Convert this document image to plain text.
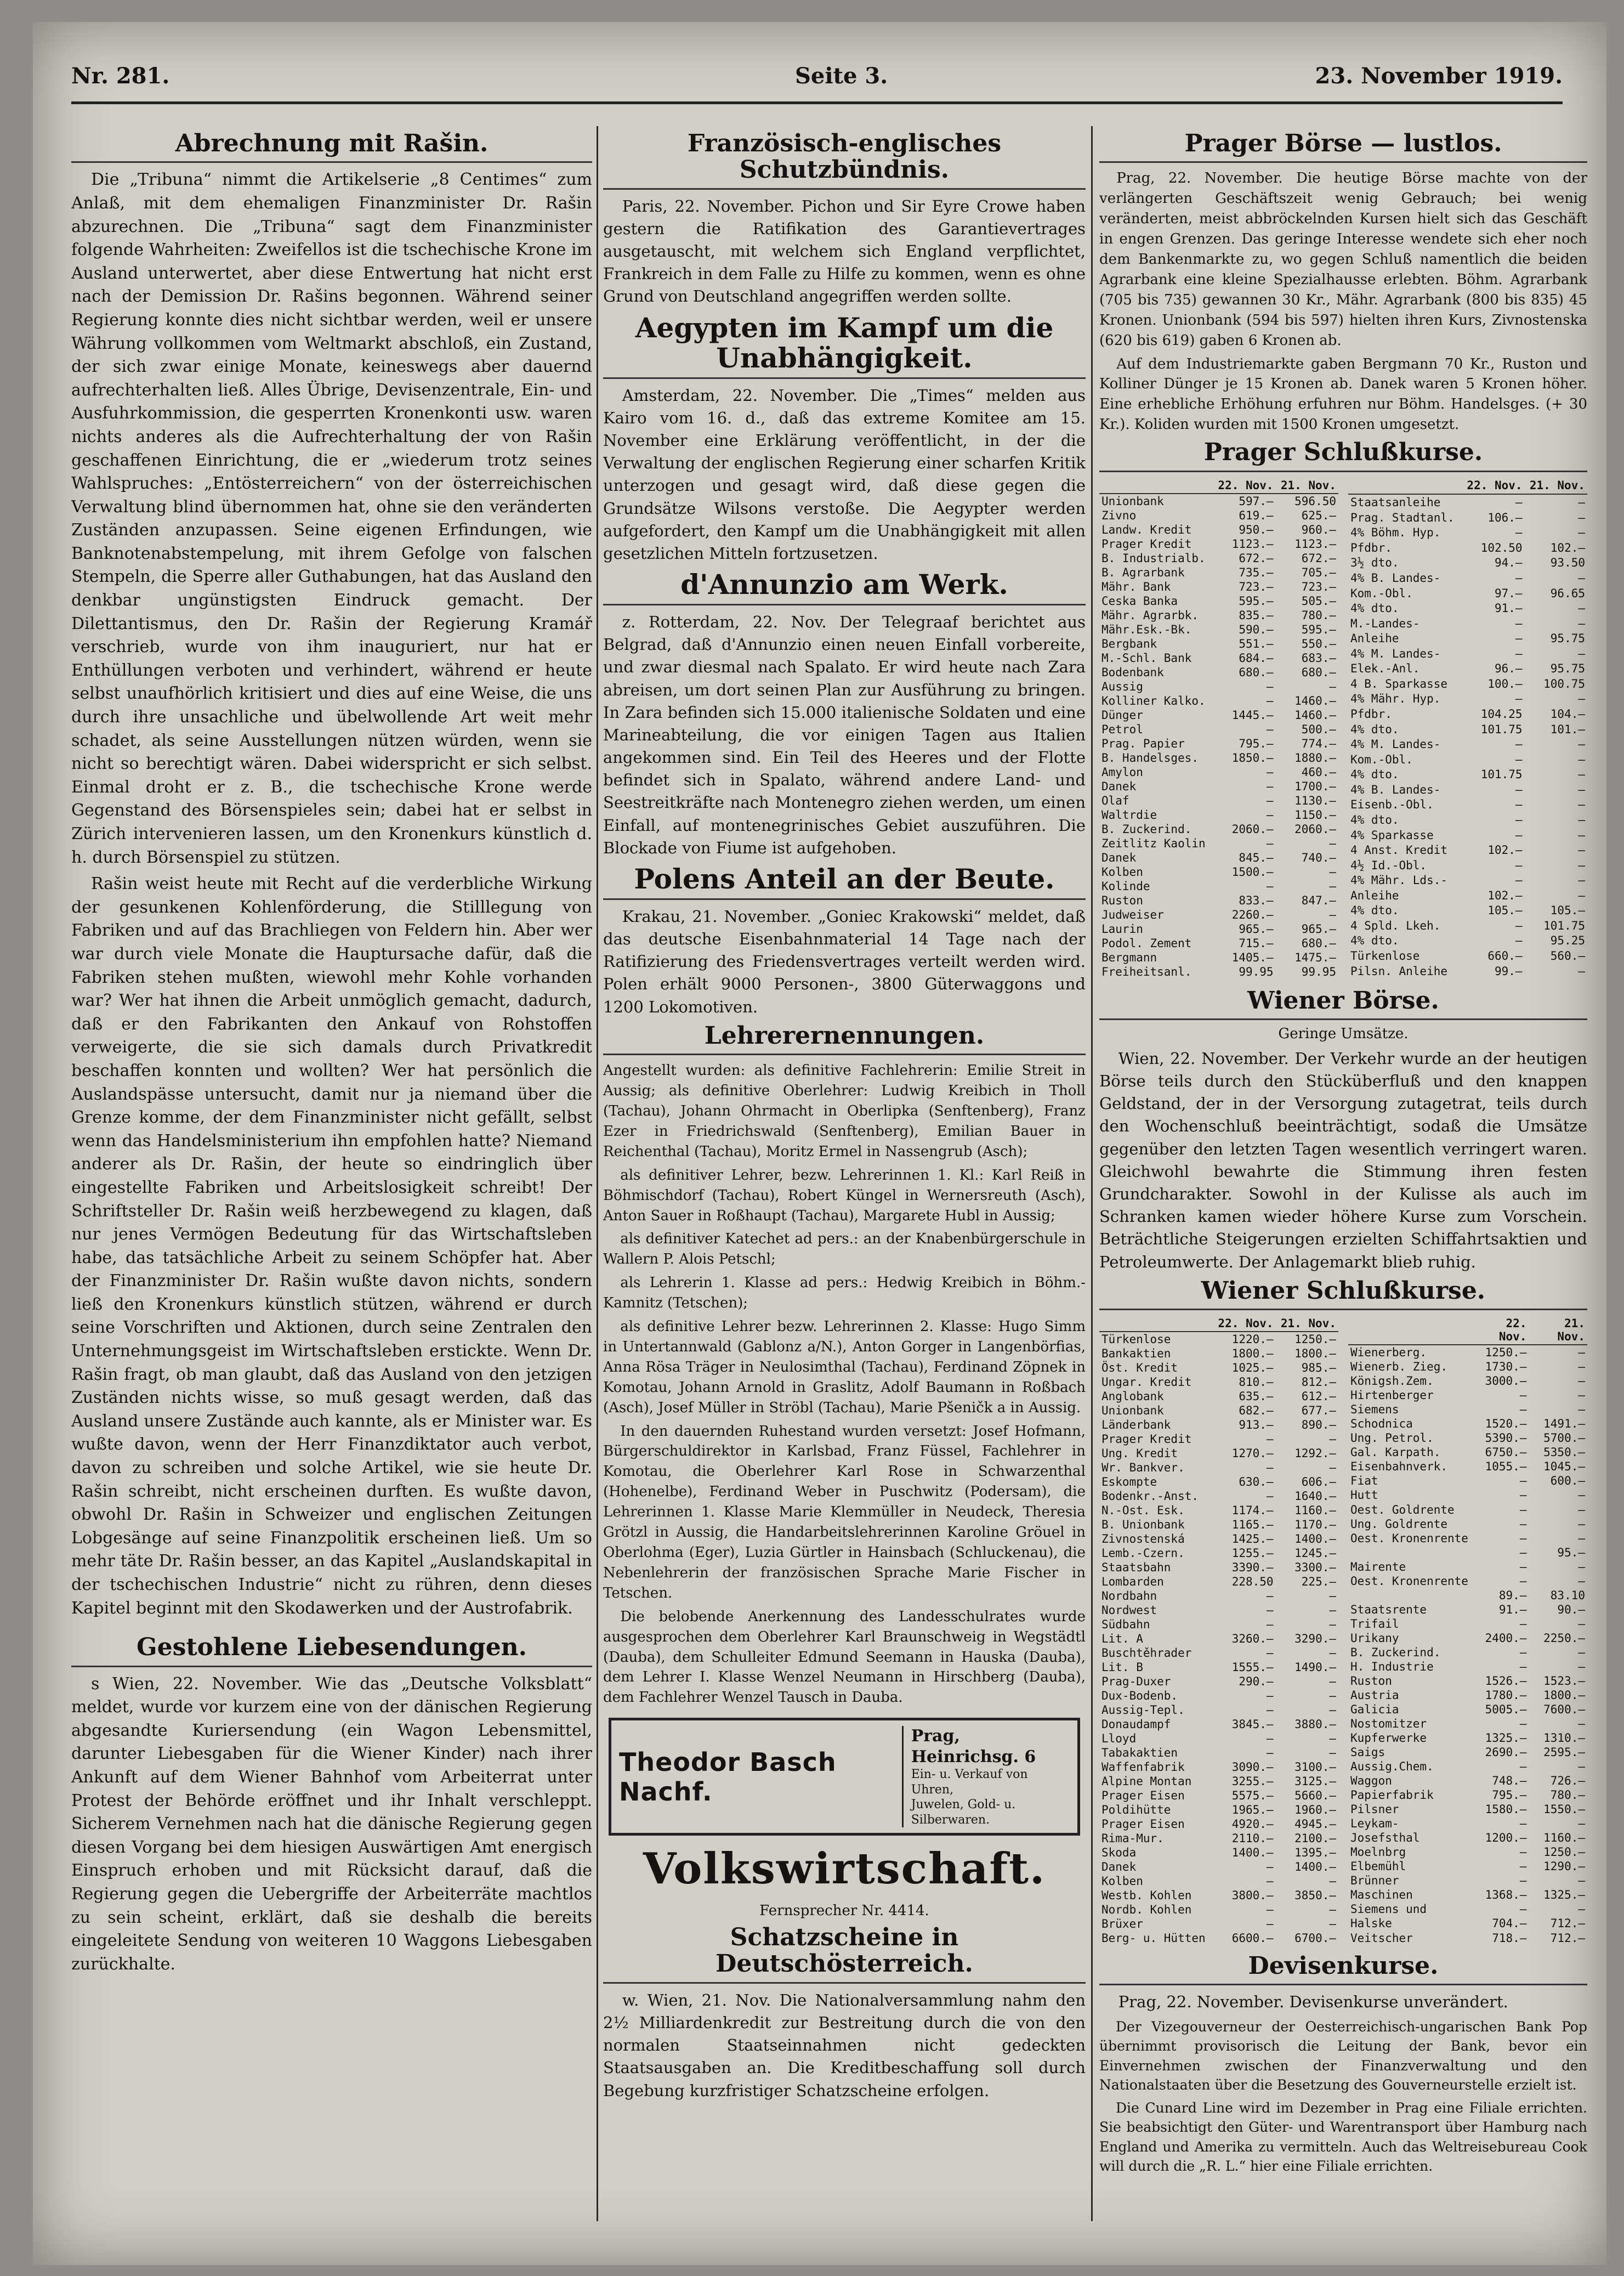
Nr. 281.	Seite 3.	23. November 1919.
Abrechnung mit Rašin.

Die „Tribuna“ nimmt die Artikelserie „8 Centimes“ zum Anlaß, mit dem ehemaligen Finanzminister Dr. Rašin abzurechnen. Die „Tribuna“ sagt dem Finanzminister folgende Wahrheiten: Zweifellos ist die tschechische Krone im Ausland unterwertet, aber diese Entwertung hat nicht erst nach der Demission Dr. Rašins begonnen. Während seiner Regierung konnte dies nicht sichtbar werden, weil er unsere Währung vollkommen vom Weltmarkt abschloß, ein Zustand, der sich zwar einige Monate, keineswegs aber dauernd aufrechterhalten ließ. Alles Übrige, Devisenzentrale, Ein- und Ausfuhrkommission, die gesperrten Kronenkonti usw. waren nichts anderes als die Aufrechterhaltung der von Rašin geschaffenen Einrichtung, die er „wiederum trotz seines Wahlspruches: „Entösterreichern“ von der österreichischen Verwaltung blind übernommen hat, ohne sie den veränderten Zuständen anzupassen. Seine eigenen Erfindungen, wie Banknotenabstempelung, mit ihrem Gefolge von falschen Stempeln, die Sperre aller Guthabungen, hat das Ausland den denkbar ungünstigsten Eindruck gemacht. Der Dilettantismus, den Dr. Rašin der Regierung Kramář verschrieb, wurde von ihm inauguriert, nur hat er Enthüllungen verboten und verhindert, während er heute selbst unaufhörlich kritisiert und dies auf eine Weise, die uns durch ihre unsachliche und übelwollende Art weit mehr schadet, als seine Ausstellungen nützen würden, wenn sie nicht so berechtigt wären. Dabei widerspricht er sich selbst. Einmal droht er z. B., die tschechische Krone werde Gegenstand des Börsenspieles sein; dabei hat er selbst in Zürich intervenieren lassen, um den Kronenkurs künstlich d. h. durch Börsenspiel zu stützen.

Rašin weist heute mit Recht auf die verderbliche Wirkung der gesunkenen Kohlenförderung, die Stilllegung von Fabriken und auf das Brachliegen von Feldern hin. Aber wer war durch viele Monate die Hauptursache dafür, daß die Fabriken stehen mußten, wiewohl mehr Kohle vorhanden war? Wer hat ihnen die Arbeit unmöglich gemacht, dadurch, daß er den Fabrikanten den Ankauf von Rohstoffen verweigerte, die sie sich damals durch Privatkredit beschaffen konnten und wollten? Wer hat persönlich die Auslandspässe untersucht, damit nur ja niemand über die Grenze komme, der dem Finanzminister nicht gefällt, selbst wenn das Handelsministerium ihn empfohlen hatte? Niemand anderer als Dr. Rašin, der heute so eindringlich über eingestellte Fabriken und Arbeitslosigkeit schreibt! Der Schriftsteller Dr. Rašin weiß herzbewegend zu klagen, daß nur jenes Vermögen Bedeutung für das Wirtschaftsleben habe, das tatsächliche Arbeit zu seinem Schöpfer hat. Aber der Finanzminister Dr. Rašin wußte davon nichts, sondern ließ den Kronenkurs künstlich stützen, während er durch seine Vorschriften und Aktionen, durch seine Zentralen den Unternehmungsgeist im Wirtschaftsleben erstickte. Wenn Dr. Rašin fragt, ob man glaubt, daß das Ausland von den jetzigen Zuständen nichts wisse, so muß gesagt werden, daß das Ausland unsere Zustände auch kannte, als er Minister war. Es wußte davon, wenn der Herr Finanzdiktator auch verbot, davon zu schreiben und solche Artikel, wie sie heute Dr. Rašin schreibt, nicht erscheinen durften. Es wußte davon, obwohl Dr. Rašin in Schweizer und englischen Zeitungen Lobgesänge auf seine Finanzpolitik erscheinen ließ. Um so mehr täte Dr. Rašin besser, an das Kapitel „Auslandskapital in der tschechischen Industrie“ nicht zu rühren, denn dieses Kapitel beginnt mit den Skodawerken und der Austrofabrik.

Gestohlene Liebesendungen.

s Wien, 22. November. Wie das „Deutsche Volksblatt“ meldet, wurde vor kurzem eine von der dänischen Regierung abgesandte Kuriersendung (ein Wagon Lebensmittel, darunter Liebesgaben für die Wiener Kinder) nach ihrer Ankunft auf dem Wiener Bahnhof vom Arbeiterrat unter Protest der Behörde eröffnet und ihr Inhalt verschleppt. Sicherem Vernehmen nach hat die dänische Regierung gegen diesen Vorgang bei dem hiesigen Auswärtigen Amt energisch Einspruch erhoben und mit Rücksicht darauf, daß die Regierung gegen die Uebergriffe der Arbeiterräte machtlos zu sein scheint, erklärt, daß sie deshalb die bereits eingeleitete Sendung von weiteren 10 Waggons Liebesgaben zurückhalte.

Französisch-englisches Schutzbündnis.

Paris, 22. November. Pichon und Sir Eyre Crowe haben gestern die Ratifikation des Garantievertrages ausgetauscht, mit welchem sich England verpflichtet, Frankreich in dem Falle zu Hilfe zu kommen, wenn es ohne Grund von Deutschland angegriffen werden sollte.

Aegypten im Kampf um die Unabhängigkeit.

Amsterdam, 22. November. Die „Times“ melden aus Kairo vom 16. d., daß das extreme Komitee am 15. November eine Erklärung veröffentlicht, in der die Verwaltung der englischen Regierung einer scharfen Kritik unterzogen und gesagt wird, daß diese gegen die Grundsätze Wilsons verstoße. Die Aegypter werden aufgefordert, den Kampf um die Unabhängigkeit mit allen gesetzlichen Mitteln fortzusetzen.

d'Annunzio am Werk.

z. Rotterdam, 22. Nov. Der Telegraaf berichtet aus Belgrad, daß d'Annunzio einen neuen Einfall vorbereite, und zwar diesmal nach Spalato. Er wird heute nach Zara abreisen, um dort seinen Plan zur Ausführung zu bringen. In Zara befinden sich 15.000 italienische Soldaten und eine Marineabteilung, die vor einigen Tagen aus Italien angekommen sind. Ein Teil des Heeres und der Flotte befindet sich in Spalato, während andere Land- und Seestreitkräfte nach Montenegro ziehen werden, um einen Einfall, auf montenegrinisches Gebiet auszuführen. Die Blockade von Fiume ist aufgehoben.

Polens Anteil an der Beute.

Krakau, 21. November. „Goniec Krakowski“ meldet, daß das deutsche Eisenbahnmaterial 14 Tage nach der Ratifizierung des Friedensvertrages verteilt werden wird. Polen erhält 9000 Personen-, 3800 Güterwaggons und 1200 Lokomotiven.

Lehrerernennungen.

Angestellt wurden: als definitive Fachlehrerin: Emilie Streit in Aussig; als definitive Oberlehrer: Ludwig Kreibich in Tholl (Tachau), Johann Ohrmacht in Oberlipka (Senftenberg), Franz Ezer in Friedrichswald (Senftenberg), Emilian Bauer in Reichenthal (Tachau), Moritz Ermel in Nassengrub (Asch);

als definitiver Lehrer, bezw. Lehrerinnen 1. Kl.: Karl Reiß in Böhmischdorf (Tachau), Robert Küngel in Wernersreuth (Asch), Anton Sauer in Roßhaupt (Tachau), Margarete Hubl in Aussig;

als definitiver Katechet ad pers.: an der Knabenbürgerschule in Wallern P. Alois Petschl;

als Lehrerin 1. Klasse ad pers.: Hedwig Kreibich in Böhm.-Kamnitz (Tetschen);

als definitive Lehrer bezw. Lehrerinnen 2. Klasse: Hugo Simm in Untertannwald (Gablonz a/N.), Anton Gorger in Langenbörfias, Anna Rösa Träger in Neulosimthal (Tachau), Ferdinand Zöpnek in Komotau, Johann Arnold in Graslitz, Adolf Baumann in Roßbach (Asch), Josef Müller in Ströbl (Tachau), Marie Pšeničk a in Aussig.

In den dauernden Ruhestand wurden versetzt: Josef Hofmann, Bürgerschuldirektor in Karlsbad, Franz Füssel, Fachlehrer in Komotau, die Oberlehrer Karl Rose in Schwarzenthal (Hohenelbe), Ferdinand Weber in Puschwitz (Podersam), die Lehrerinnen 1. Klasse Marie Klemmüller in Neudeck, Theresia Grötzl in Aussig, die Handarbeitslehrerinnen Karoline Gröuel in Oberlohma (Eger), Luzia Gürtler in Hainsbach (Schluckenau), die Nebenlehrerin der französischen Sprache Marie Fischer in Tetschen.

Die belobende Anerkennung des Landesschulrates wurde ausgesprochen dem Oberlehrer Karl Braunschweig in Wegstädtl (Dauba), dem Schulleiter Edmund Seemann in Hauska (Dauba), dem Lehrer I. Klasse Wenzel Neumann in Hirschberg (Dauba), dem Fachlehrer Wenzel Tausch in Dauba.

Theodor Basch Nachf.
Prag, Heinrichsg. 6
Ein- u. Verkauf von Uhren,
Juwelen, Gold- u. Silberwaren.
Volkswirtschaft.
Fernsprecher Nr. 4414.
Schatzscheine in Deutschösterreich.

w. Wien, 21. Nov. Die Nationalversammlung nahm den 2½ Milliardenkredit zur Bestreitung durch die von den normalen Staatseinnahmen nicht gedeckten Staatsausgaben an. Die Kreditbeschaffung soll durch Begebung kurzfristiger Schatzscheine erfolgen.

Prager Börse — lustlos.

Prag, 22. November. Die heutige Börse machte von der verlängerten Geschäftszeit wenig Gebrauch; bei wenig veränderten, meist abbröckelnden Kursen hielt sich das Geschäft in engen Grenzen. Das geringe Interesse wendete sich eher noch dem Bankenmarkte zu, wo gegen Schluß namentlich die beiden Agrarbank eine kleine Spezialhausse erlebten. Böhm. Agrarbank (705 bis 735) gewannen 30 Kr., Mähr. Agrarbank (800 bis 835) 45 Kronen. Unionbank (594 bis 597) hielten ihren Kurs, Zivnostenska (620 bis 619) gaben 6 Kronen ab.

Auf dem Industriemarkte gaben Bergmann 70 Kr., Ruston und Kolliner Dünger je 15 Kronen ab. Danek waren 5 Kronen höher. Eine erhebliche Erhöhung erfuhren nur Böhm. Handelsges. (+ 30 Kr.). Koliden wurden mit 1500 Kronen umgesetzt.

Prager Schlußkurse.
	22. Nov.	21. Nov.
Unionbank	597.—	596.50
Zivno	619.—	625.—
Landw. Kredit	950.—	960.—
Prager Kredit	1123.—	1123.—
B. Industrialb.	672.—	672.—
B. Agrarbank	735.—	705.—
Mähr. Bank	723.—	723.—
Ceska Banka	595.—	505.—
Mähr. Agrarbk.	835.—	780.—
Mähr.Esk.-Bk.	590.—	595.—
Bergbank	551.—	550.—
M.-Schl. Bank	684.—	683.—
Bodenbank	680.—	680.—
Aussig	—	—
Kolliner Kalko.	—	1460.—
Dünger	1445.—	1460.—
Petrol	—	500.—
Prag. Papier	795.—	774.—
B. Handelsges.	1850.—	1880.—
Amylon	—	460.—
Danek	—	1700.—
Olaf	—	1130.—
Waltrdie	—	1150.—
B. Zuckerind.	2060.—	2060.—
Zeitlitz Kaolin	—	—
Danek	845.—	740.—
Kolben	1500.—	—
Kolinde	—	—
Ruston	833.—	847.—
Judweiser	2260.—	—
Laurin	965.—	965.—
Podol. Zement	715.—	680.—
Bergmann	1405.—	1475.—
Freiheitsanl.	99.95	99.95
	22. Nov.	21. Nov.
Staatsanleihe	—	—
Prag. Stadtanl.	106.—	—
4% Böhm. Hyp.	—	—
Pfdbr.	102.50	102.—
3½ dto.	94.—	93.50
4% B. Landes-	—	—
Kom.-Obl.	97.—	96.65
4% dto.	91.—	—
M.-Landes-	—	—
Anleihe	—	95.75
4% M. Landes-	—	—
Elek.-Anl.	96.—	95.75
4 B. Sparkasse	100.—	100.75
4% Mähr. Hyp.	—	—
Pfdbr.	104.25	104.—
4% dto.	101.75	101.—
4% M. Landes-	—	—
Kom.-Obl.	—	—
4% dto.	101.75	—
4% B. Landes-	—	—
Eisenb.-Obl.	—	—
4% dto.	—	—
4% Sparkasse	—	—
4 Anst. Kredit	102.—	—
4½ Id.-Obl.	—	—
4% Mähr. Lds.-	—	—
Anleihe	102.—	—
4% dto.	105.—	105.—
4 Spld. Lkeh.	—	101.75
4% dto.	—	95.25
Türkenlose	660.—	560.—
Pilsn. Anleihe	99.—	—
Wiener Börse.
Geringe Umsätze.

Wien, 22. November. Der Verkehr wurde an der heutigen Börse teils durch den Stücküberfluß und den knappen Geldstand, der in der Versorgung zutagetrat, teils durch den Wochenschluß beeinträchtigt, sodaß die Umsätze gegenüber den letzten Tagen wesentlich verringert waren. Gleichwohl bewahrte die Stimmung ihren festen Grundcharakter. Sowohl in der Kulisse als auch im Schranken kamen wieder höhere Kurse zum Vorschein. Beträchtliche Steigerungen erzielten Schiffahrtsaktien und Petroleumwerte. Der Anlagemarkt blieb ruhig.

Wiener Schlußkurse.
	22. Nov.	21. Nov.
Türkenlose	1220.—	1250.—
Bankaktien	1800.—	1800.—
Öst. Kredit	1025.—	985.—
Ungar. Kredit	810.—	812.—
Anglobank	635.—	612.—
Unionbank	682.—	677.—
Länderbank	913.—	890.—
Prager Kredit	—	—
Ung. Kredit	1270.—	1292.—
Wr. Bankver.	—	—
Eskompte	630.—	606.—
Bodenkr.-Anst.	—	1640.—
N.-Ost. Esk.	1174.—	1160.—
B. Unionbank	1165.—	1170.—
Zivnostenská	1425.—	1400.—
Lemb.-Czern.	1255.—	1245.—
Staatsbahn	3390.—	3300.—
Lombarden	228.50	225.—
Nordbahn	—	—
Nordwest	—	—
Südbahn	—	—
Lit. A	3260.—	3290.—
Buschtěhrader	—	—
Lit. B	1555.—	1490.—
Prag-Duxer	290.—	—
Dux-Bodenb.	—	—
Aussig-Tepl.	—	—
Donaudampf	3845.—	3880.—
Lloyd	—	—
Tabakaktien	—	—
Waffenfabrik	3090.—	3100.—
Alpine Montan	3255.—	3125.—
Prager Eisen	5575.—	5660.—
Poldihütte	1965.—	1960.—
Prager Eisen	4920.—	4945.—
Rima-Mur.	2110.—	2100.—
Skoda	1400.—	1395.—
Danek	—	1400.—
Kolben	—	—
Westb. Kohlen	3800.—	3850.—
Nordb. Kohlen	—	—
Brüxer	—	—
Berg- u. Hütten	6600.—	6700.—
	22. Nov.	21. Nov.
Wienerberg.	1250.—	—
Wienerb. Zieg.	1730.—	—
Königsh.Zem.	3000.—	—
Hirtenberger	—	—
Siemens	—	—
Schodnica	1520.—	1491.—
Ung. Petrol.	5390.—	5700.—
Gal. Karpath.	6750.—	5350.—
Eisenbahnverk.	1055.—	1045.—
Fiat	—	600.—
Hutt	—	—
Oest. Goldrente	—	—
Ung. Goldrente	—	—
Oest. Kronenrente	—	—
	—	95.—
Mairente	—	—
Oest. Kronenrente	—	—
	89.—	83.10
Staatsrente	91.—	90.—
Trifail	—	—
Urikany	2400.—	2250.—
B. Zuckerind.	—	—
H. Industrie	—	—
Ruston	1526.—	1523.—
Austria	1780.—	1800.—
Galicia	5005.—	7600.—
Nostomitzer	—	—
Kupferwerke	1325.—	1310.—
Saigs	2690.—	2595.—
Aussig.Chem.	—	—
Waggon	748.—	726.—
Papierfabrik	795.—	780.—
Pilsner	1580.—	1550.—
Leykam-	—	—
Josefsthal	1200.—	1160.—
Moelnbrg	—	1250.—
Elbemühl	—	1290.—
Brünner	—	—
Maschinen	1368.—	1325.—
Siemens und	—	—
Halske	704.—	712.—
Veitscher	718.—	712.—
Devisenkurse.

Prag, 22. November. Devisenkurse unverändert.

Der Vizegouverneur der Oesterreichisch-ungarischen Bank Pop übernimmt provisorisch die Leitung der Bank, bevor ein Einvernehmen zwischen der Finanzverwaltung und den Nationalstaaten über die Besetzung des Gouverneurstelle erzielt ist.

Die Cunard Line wird im Dezember in Prag eine Filiale errichten. Sie beabsichtigt den Güter- und Warentransport über Hamburg nach England und Amerika zu vermitteln. Auch das Weltreisebureau Cook will durch die „R. L.“ hier eine Filiale errichten.
